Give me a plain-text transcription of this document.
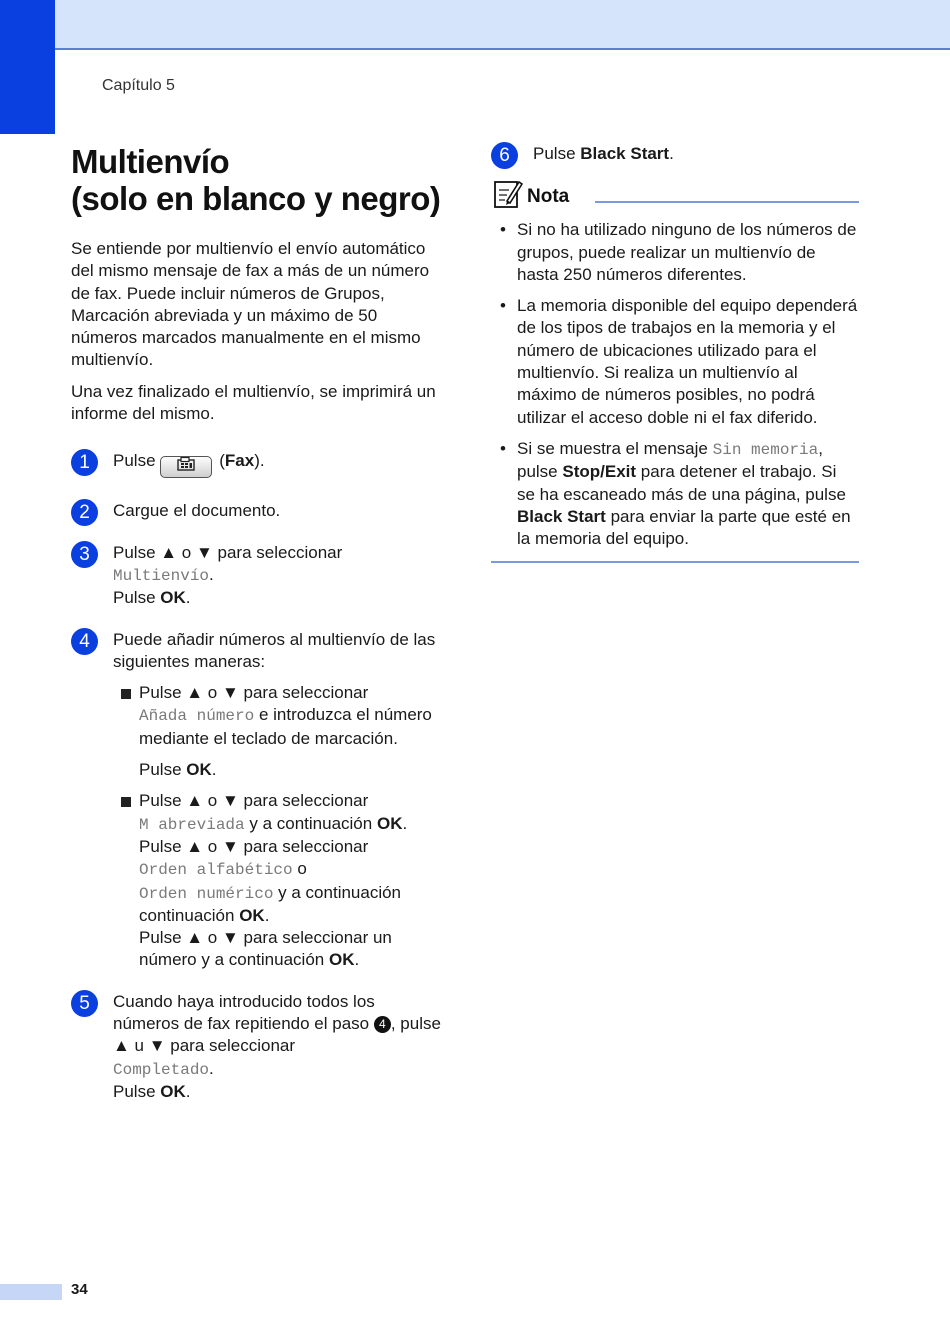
Capítulo 5
Multienvío
(solo en blanco y negro)

Se entiende por multienvío el envío automático del mismo mensaje de fax a más de un número de fax. Puede incluir números de Grupos, Marcación abreviada y un máximo de 50 números marcados manualmente en el mismo multienvío.

Una vez finalizado el multienvío, se imprimirá un informe del mismo.

1	Pulse	(Fax).
2	Cargue el documento.
3	Pulse ▲ o ▼ para seleccionar
Multienvío.
Pulse OK.
4	Puede añadir números al multienvío de las siguientes maneras:
Pulse ▲ o ▼ para seleccionar
Añada número e introduzca el número mediante el teclado de marcación.
Pulse OK.
Pulse ▲ o ▼ para seleccionar
M abreviada y a continuación OK.
Pulse ▲ o ▼ para seleccionar
Orden alfabético o
Orden numérico y a continuación
continuación OK.
Pulse ▲ o ▼ para seleccionar un número y a continuación OK.
5	Cuando haya introducido todos los números de fax repitiendo el paso 4 , pulse ▲ u ▼ para seleccionar
Completado.
Pulse OK.
6	Pulse Black Start.
Nota
• Si no ha utilizado ninguno de los números de grupos, puede realizar un multienvío de hasta 250 números diferentes.
• La memoria disponible del equipo dependerá de los tipos de trabajos en la memoria y el número de ubicaciones utilizado para el multienvío. Si realiza un multienvío al máximo de números posibles, no podrá utilizar el acceso doble ni el fax diferido.
• Si se muestra el mensaje Sin memoria, pulse Stop/Exit para detener el trabajo. Si se ha escaneado más de una página, pulse Black Start para enviar la parte que esté en la memoria del equipo.
34
